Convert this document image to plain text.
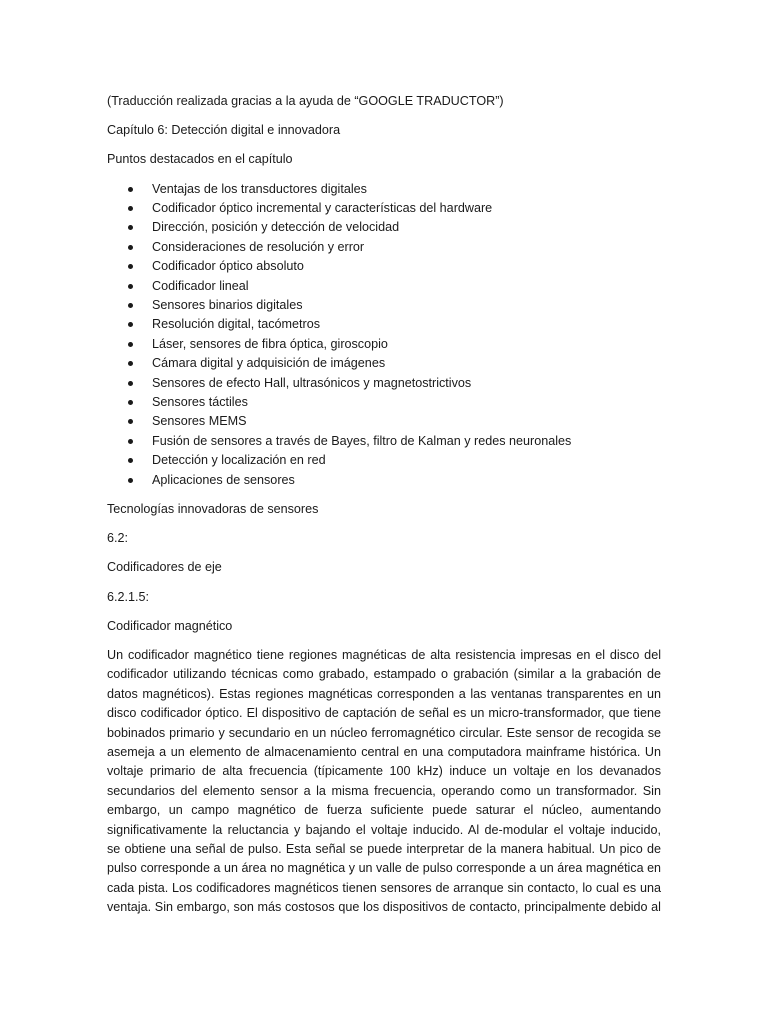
(Traducción realizada gracias a la ayuda de “GOOGLE TRADUCTOR”)

Capítulo 6: Detección digital e innovadora

Puntos destacados en el capítulo

Ventajas de los transductores digitales
Codificador óptico incremental y características del hardware
Dirección, posición y detección de velocidad
Consideraciones de resolución y error
Codificador óptico absoluto
Codificador lineal
Sensores binarios digitales
Resolución digital, tacómetros
Láser, sensores de fibra óptica, giroscopio
Cámara digital y adquisición de imágenes
Sensores de efecto Hall, ultrasónicos y magnetostrictivos
Sensores táctiles
Sensores MEMS
Fusión de sensores a través de Bayes, filtro de Kalman y redes neuronales
Detección y localización en red
Aplicaciones de sensores

Tecnologías innovadoras de sensores

6.2:

Codificadores de eje

6.2.1.5:

Codificador magnético

Un codificador magnético tiene regiones magnéticas de alta resistencia impresas en el disco del
codificador utilizando técnicas como grabado, estampado o grabación (similar a la grabación de
datos magnéticos). Estas regiones magnéticas corresponden a las ventanas transparentes en un
disco codificador óptico. El dispositivo de captación de señal es un micro-transformador, que tiene
bobinados primario y secundario en un núcleo ferromagnético circular. Este sensor de recogida se
asemeja a un elemento de almacenamiento central en una computadora mainframe histórica. Un
voltaje primario de alta frecuencia (típicamente 100 kHz) induce un voltaje en los devanados
secundarios del elemento sensor a la misma frecuencia, operando como un transformador. Sin
embargo, un campo magnético de fuerza suficiente puede saturar el núcleo, aumentando
significativamente la reluctancia y bajando el voltaje inducido. Al de-modular el voltaje inducido,
se obtiene una señal de pulso. Esta señal se puede interpretar de la manera habitual. Un pico de
pulso corresponde a un área no magnética y un valle de pulso corresponde a un área magnética en
cada pista. Los codificadores magnéticos tienen sensores de arranque sin contacto, lo cual es una
ventaja. Sin embargo, son más costosos que los dispositivos de contacto, principalmente debido al
